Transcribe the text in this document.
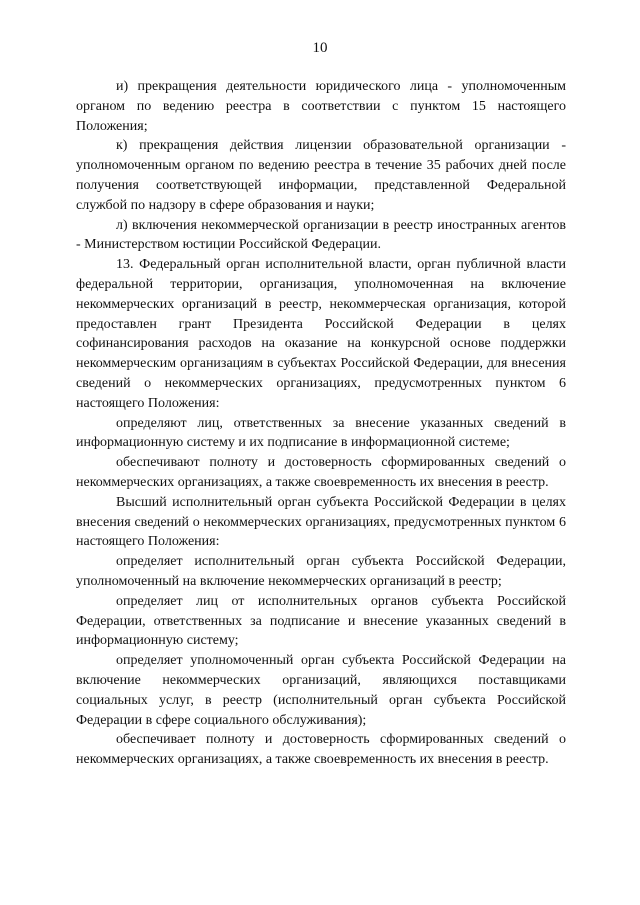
10

и) прекращения деятельности юридического лица - уполномоченным органом по ведению реестра в соответствии с пунктом 15 настоящего Положения;

к) прекращения действия лицензии образовательной организации - уполномоченным органом по ведению реестра в течение 35 рабочих дней после получения соответствующей информации, представленной Федеральной службой по надзору в сфере образования и науки;

л) включения некоммерческой организации в реестр иностранных агентов - Министерством юстиции Российской Федерации.

13. Федеральный орган исполнительной власти, орган публичной власти федеральной территории, организация, уполномоченная на включение некоммерческих организаций в реестр, некоммерческая организация, которой предоставлен грант Президента Российской Федерации в целях софинансирования расходов на оказание на конкурсной основе поддержки некоммерческим организациям в субъектах Российской Федерации, для внесения сведений о некоммерческих организациях, предусмотренных пунктом 6 настоящего Положения:

определяют лиц, ответственных за внесение указанных сведений в информационную систему и их подписание в информационной системе;

обеспечивают полноту и достоверность сформированных сведений о некоммерческих организациях, а также своевременность их внесения в реестр.

Высший исполнительный орган субъекта Российской Федерации в целях внесения сведений о некоммерческих организациях, предусмотренных пунктом 6 настоящего Положения:

определяет исполнительный орган субъекта Российской Федерации, уполномоченный на включение некоммерческих организаций в реестр;

определяет лиц от исполнительных органов субъекта Российской Федерации, ответственных за подписание и внесение указанных сведений в информационную систему;

определяет уполномоченный орган субъекта Российской Федерации на включение некоммерческих организаций, являющихся поставщиками социальных услуг, в реестр (исполнительный орган субъекта Российской Федерации в сфере социального обслуживания);

обеспечивает полноту и достоверность сформированных сведений о некоммерческих организациях, а также своевременность их внесения в реестр.
